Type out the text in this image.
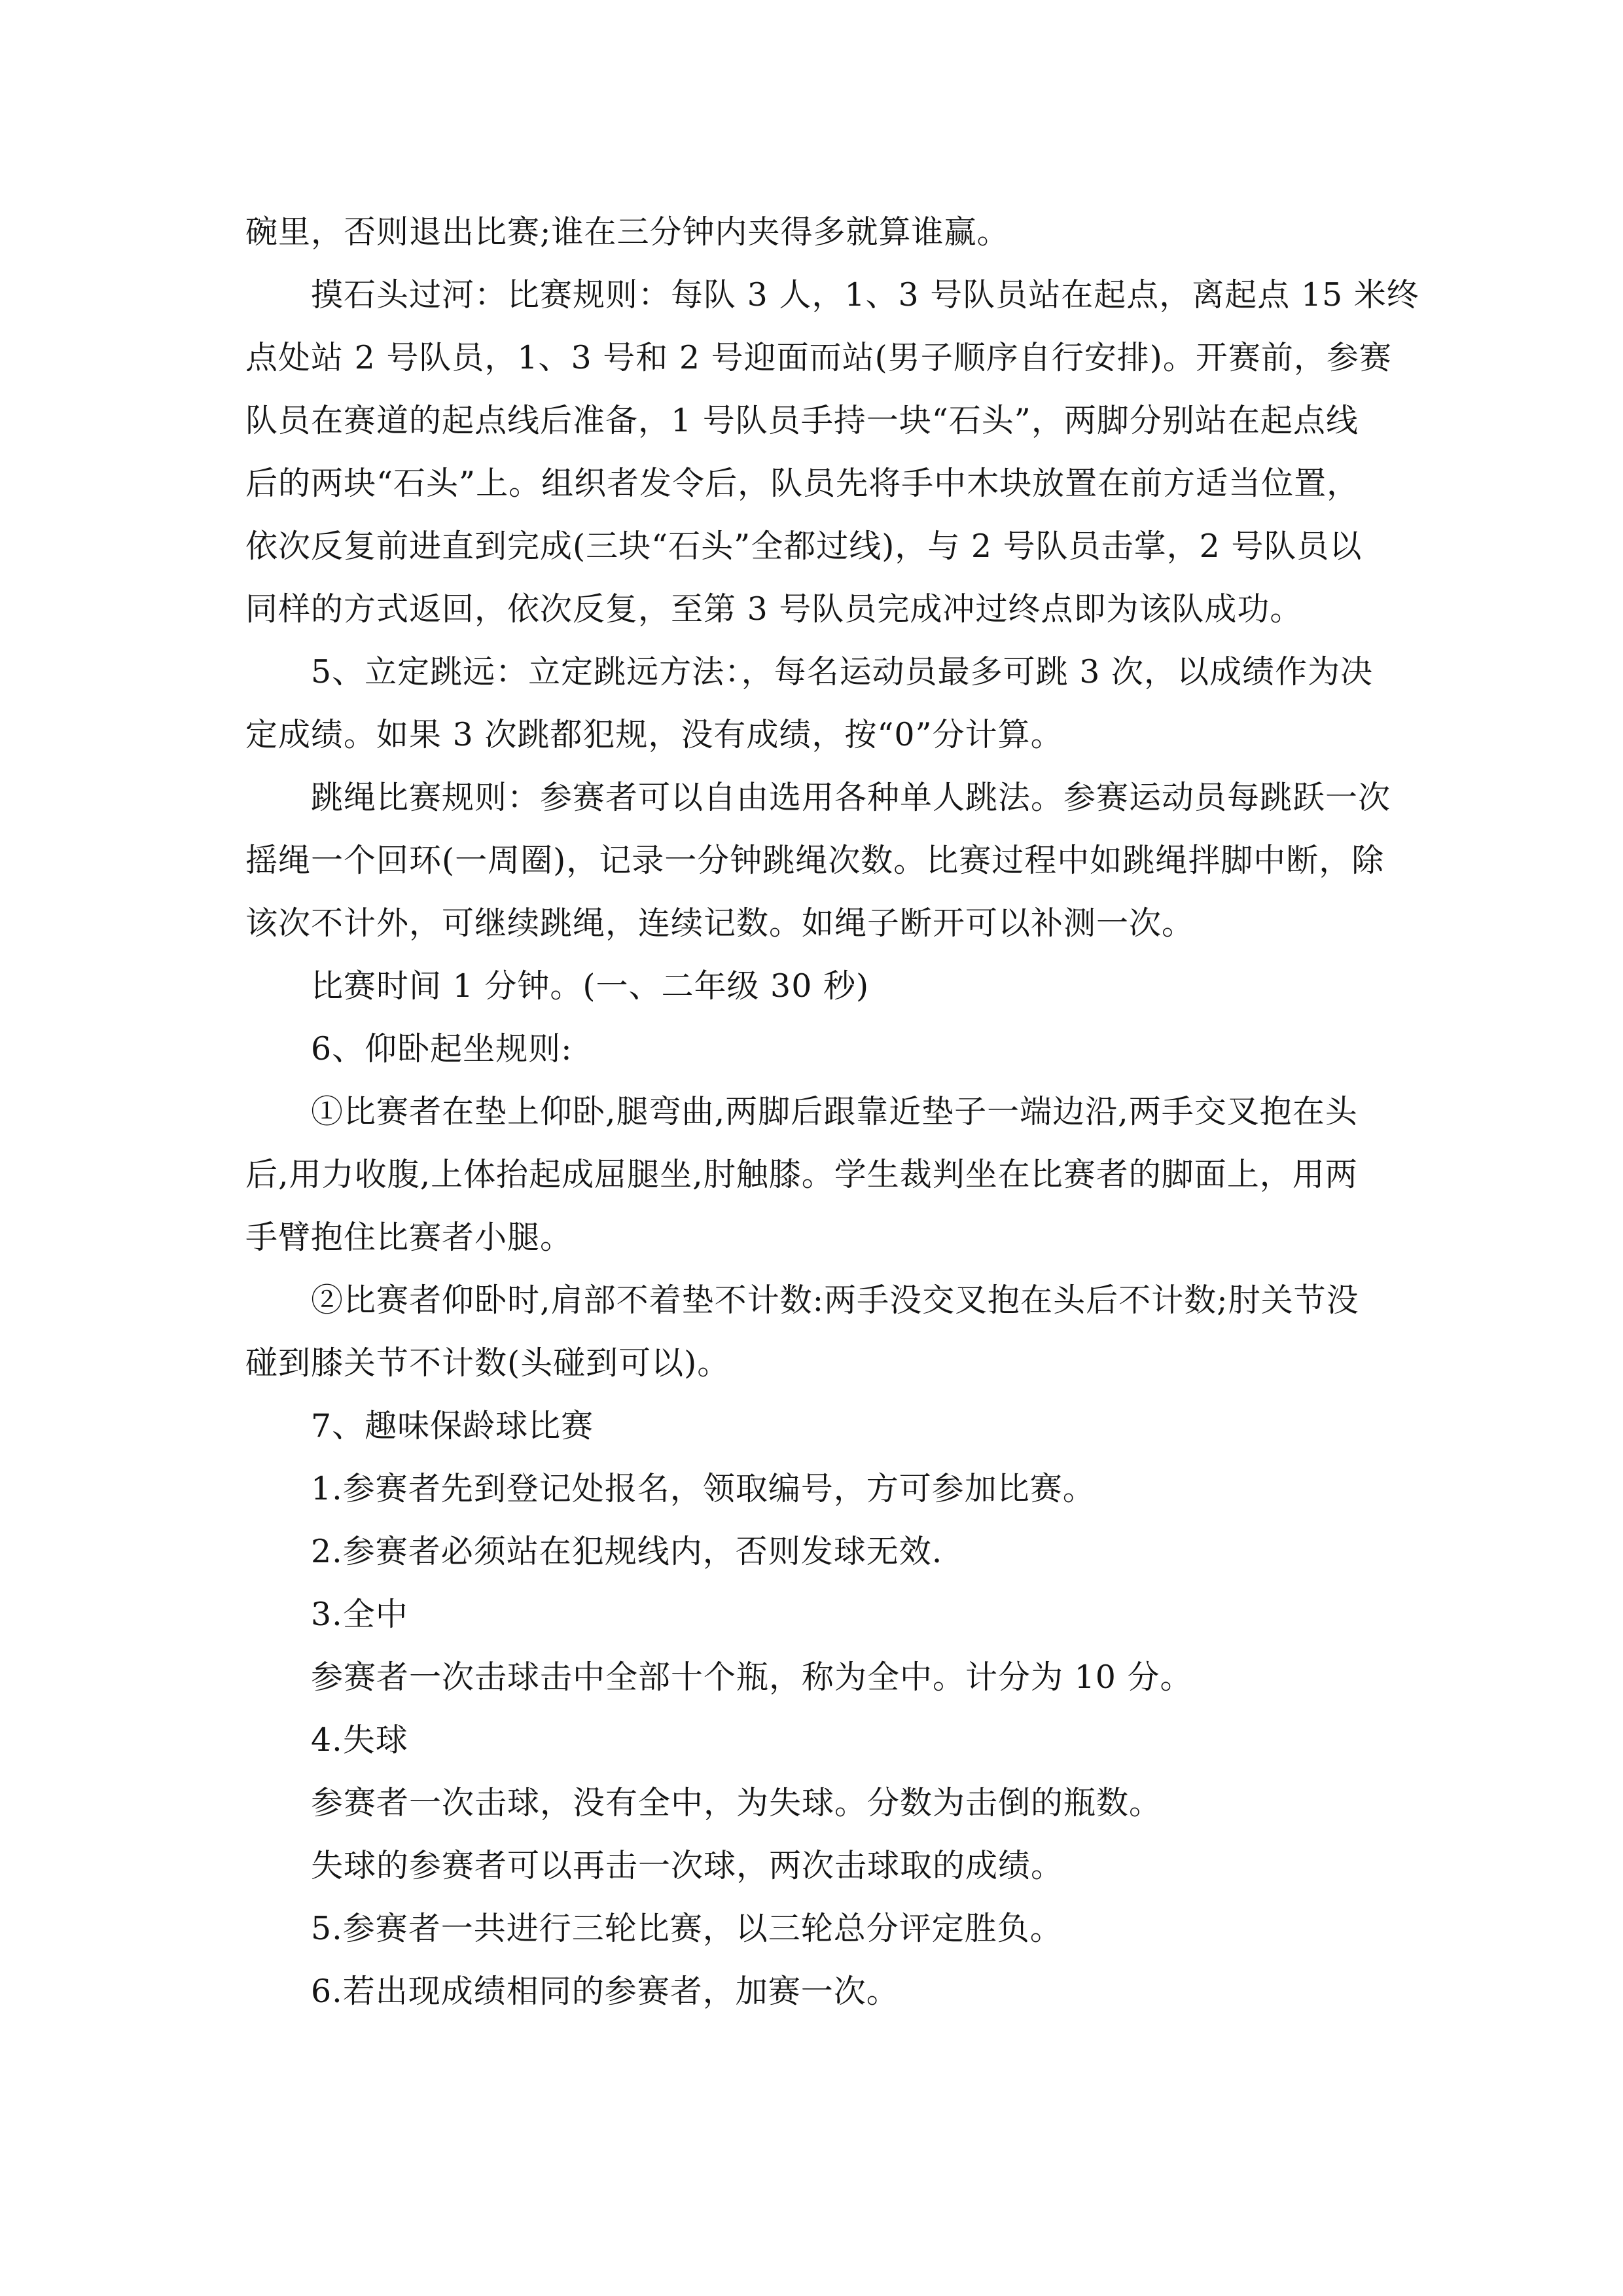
碗里，否则退出比赛;谁在三分钟内夹得多就算谁赢。
摸石头过河：比赛规则：每队 3 人，1、3 号队员站在起点，离起点 15 米终
点处站 2 号队员，1、3 号和 2 号迎面而站(男子顺序自行安排)。开赛前，参赛
队员在赛道的起点线后准备，1 号队员手持一块“石头”，两脚分别站在起点线
后的两块“石头”上。组织者发令后，队员先将手中木块放置在前方适当位置，
依次反复前进直到完成(三块“石头”全都过线)，与 2 号队员击掌，2 号队员以
同样的方式返回，依次反复，至第 3 号队员完成冲过终点即为该队成功。
5、立定跳远：立定跳远方法：，每名运动员最多可跳 3 次，以成绩作为决
定成绩。如果 3 次跳都犯规，没有成绩，按“0”分计算。
跳绳比赛规则：参赛者可以自由选用各种单人跳法。参赛运动员每跳跃一次
摇绳一个回环(一周圈)，记录一分钟跳绳次数。比赛过程中如跳绳拌脚中断，除
该次不计外，可继续跳绳，连续记数。如绳子断开可以补测一次。
比赛时间 1 分钟。(一、二年级 30 秒)
6、仰卧起坐规则:
①比赛者在垫上仰卧,腿弯曲,两脚后跟靠近垫子一端边沿,两手交叉抱在头
后,用力收腹,上体抬起成屈腿坐,肘触膝。学生裁判坐在比赛者的脚面上，用两
手臂抱住比赛者小腿。
②比赛者仰卧时,肩部不着垫不计数:两手没交叉抱在头后不计数;肘关节没
碰到膝关节不计数(头碰到可以)。
7、趣味保龄球比赛
1.参赛者先到登记处报名，领取编号，方可参加比赛。
2.参赛者必须站在犯规线内，否则发球无效.
3.全中
参赛者一次击球击中全部十个瓶，称为全中。计分为 10 分。
4.失球
参赛者一次击球，没有全中，为失球。分数为击倒的瓶数。
失球的参赛者可以再击一次球，两次击球取的成绩。
5.参赛者一共进行三轮比赛，以三轮总分评定胜负。
6.若出现成绩相同的参赛者，加赛一次。
